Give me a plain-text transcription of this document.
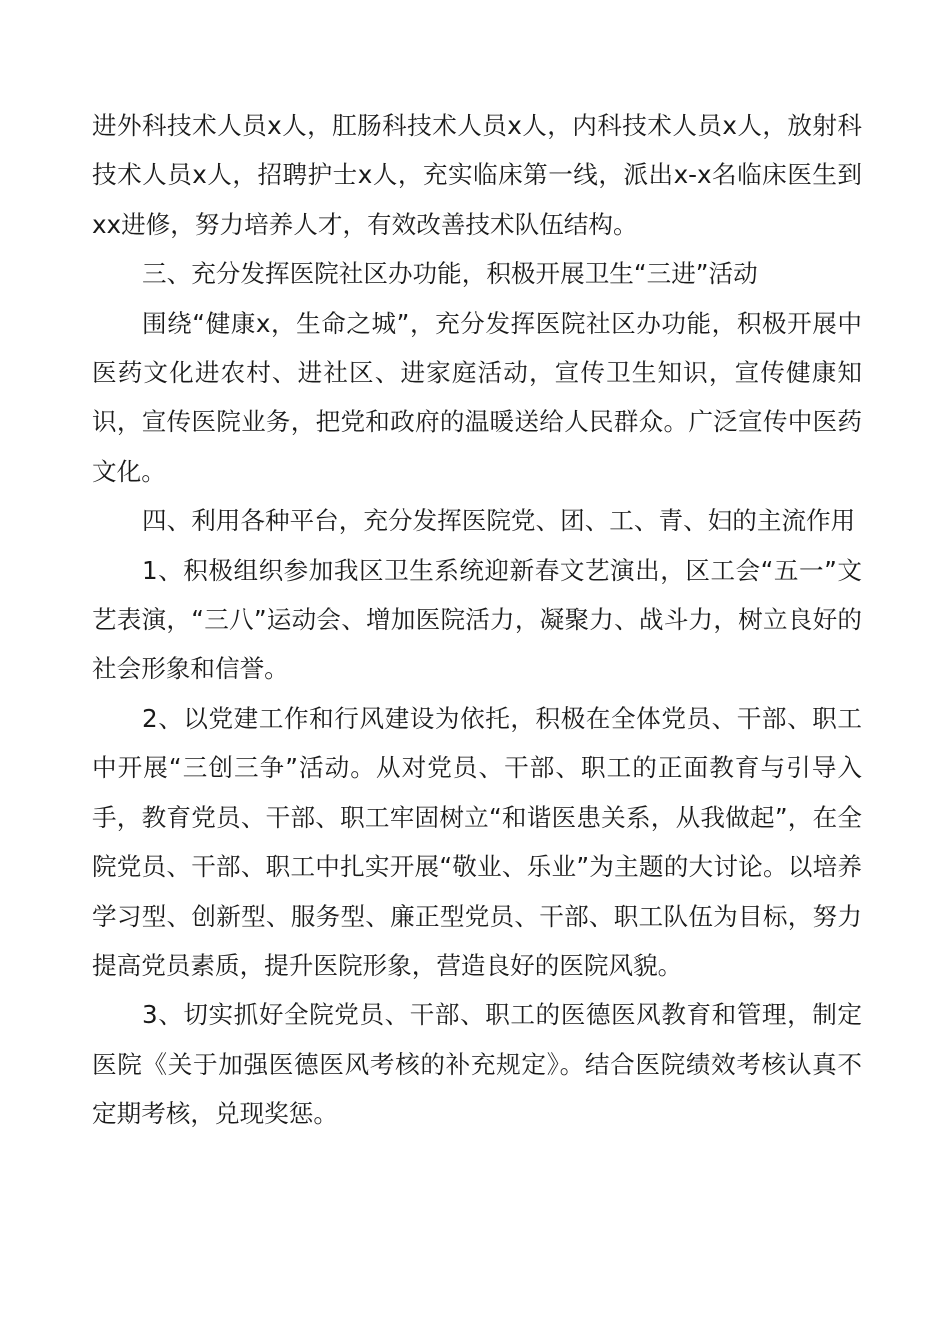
进外科技术人员x人，肛肠科技术人员x人，内科技术人员x人，放射科技术人员x人，招聘护士x人，充实临床第一线，派出x-x名临床医生到xx进修，努力培养人才，有效改善技术队伍结构。

三、充分发挥医院社区办功能，积极开展卫生“三进”活动

围绕“健康x，生命之城”，充分发挥医院社区办功能，积极开展中医药文化进农村、进社区、进家庭活动，宣传卫生知识，宣传健康知识，宣传医院业务，把党和政府的温暖送给人民群众。广泛宣传中医药文化。

四、利用各种平台，充分发挥医院党、团、工、青、妇的主流作用

1、积极组织参加我区卫生系统迎新春文艺演出，区工会“五一”文艺表演，“三八”运动会、增加医院活力，凝聚力、战斗力，树立良好的社会形象和信誉。

2、以党建工作和行风建设为依托，积极在全体党员、干部、职工中开展“三创三争”活动。从对党员、干部、职工的正面教育与引导入手，教育党员、干部、职工牢固树立“和谐医患关系，从我做起”，在全院党员、干部、职工中扎实开展“敬业、乐业”为主题的大讨论。以培养学习型、创新型、服务型、廉正型党员、干部、职工队伍为目标，努力提高党员素质，提升医院形象，营造良好的医院风貌。

3、切实抓好全院党员、干部、职工的医德医风教育和管理，制定医院《关于加强医德医风考核的补充规定》。结合医院绩效考核认真不定期考核，兑现奖惩。
